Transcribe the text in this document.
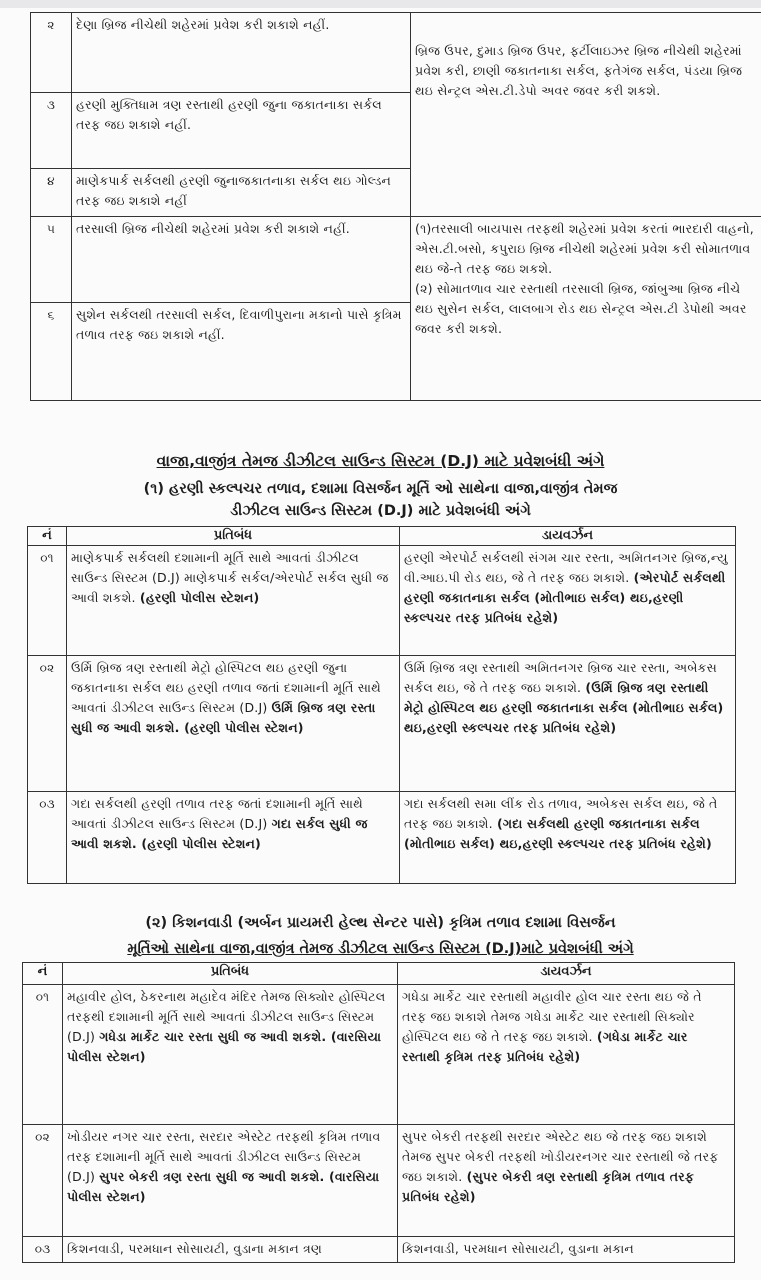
૨	દેણા બ્રિજ નીચેથી શહેરમાં પ્રવેશ કરી શકાશે નહીં.	બ્રિજ ઉપર, દુમાડ બ્રિજ ઉપર, ફર્ટીલાઇઝર બ્રિજ નીચેથી શહેરમાં પ્રવેશ કરી, છાણી જકાતનાકા સર્કલ, ફતેગંજ સર્કલ, પંડયા બ્રિજ થઇ સેન્ટ્રલ એસ.ટી.ડેપો અવર જવર કરી શકશે.
૩	હરણી મુક્તિધામ ત્રણ રસ્તાથી હરણી જુના જકાતનાકા સર્કલ તરફ જઇ શકાશે નહીં.	
૪	માણેકપાર્ક સર્કલથી હરણી જુનાજકાતનાકા સર્કલ થઇ ગોલ્ડન તરફ જઇ શકાશે નહીં	
૫	તરસાલી બ્રિજ નીચેથી શહેરમાં પ્રવેશ કરી શકાશે નહીં.	(૧)તરસાલી બાયપાસ તરફથી શહેરમાં પ્રવેશ કરતાં ભારદારી વાહનો, એસ.ટી.બસો, કપુરાઇ બ્રિજ નીચેથી શહેરમાં પ્રવેશ કરી સોમાતળાવ થઇ જે-તે તરફ જઇ શકશે.
(૨) સોમાતળાવ ચાર રસ્તાથી તરસાલી બ્રિજ, જાંબુઆ બ્રિજ નીચે થઇ સુસેન સર્કલ, લાલબાગ રોડ થઇ સેન્ટ્રલ એસ.ટી ડેપોથી અવર જવર કરી શકશે.

૬	સુશેન સર્કલથી તરસાલી સર્કલ, દિવાળીપુરાના મકાનો પાસે કૃત્રિમ તળાવ તરફ જઇ શકાશે નહીં.	
વાજા,વાજીંત્ર તેમજ ડીઝીટલ સાઉન્ડ સિસ્ટમ (D.J) માટે પ્રવેશબંધી અંગે
(૧) હરણી સ્કલ્પચર તળાવ, દશામા વિસર્જન મૂર્તિ ઓ સાથેના વાજા,વાજીંત્ર તેમજ
ડીઝીટલ સાઉન્ડ સિસ્ટમ (D.J) માટે પ્રવેશબંધી અંગે
નં	પ્રતિબંધ	ડાયવર્ઝન
૦૧	માણેકપાર્ક સર્કલથી દશામાની મૂર્તિ સાથે આવતાં ડીઝીટલ સાઉન્ડ સિસ્ટમ (D.J) માણેકપાર્ક સર્કલ/એરપોર્ટ સર્કલ સુધી જ આવી શકશે. (હરણી પોલીસ સ્ટેશન)	હરણી એરપોર્ટ સર્કલથી સંગમ ચાર રસ્તા, અમિતનગર બ્રિજ,ન્યુ વી.આઇ.પી રોડ થઇ, જે તે તરફ જઇ શકાશે. (એરપોર્ટ સર્કલથી હરણી જકાતનાકા સર્કલ (મોતીભાઇ સર્કલ) થઇ,હરણી સ્કલ્પચર તરફ પ્રતિબંધ રહેશે)
૦૨	ઉર્મિ બ્રિજ ત્રણ રસ્તાથી મેટ્રો હોસ્પિટલ થઇ હરણી જુના જકાતનાકા સર્કલ થઇ હરણી તળાવ જતાં દશામાની મૂર્તિ સાથે આવતાં ડીઝીટલ સાઉન્ડ સિસ્ટમ (D.J) ઉર્મિ બ્રિજ ત્રણ રસ્તા સુધી જ આવી શકશે. (હરણી પોલીસ સ્ટેશન)	ઉર્મિ બ્રિજ ત્રણ રસ્તાથી અમિતનગર બ્રિજ ચાર રસ્તા, અબેકસ સર્કલ થઇ, જે તે તરફ જઇ શકાશે. (ઉર્મિ બ્રિજ ત્રણ રસ્તાથી મેટ્રો હોસ્પિટલ થઇ હરણી જકાતનાકા સર્કલ (મોતીભાઇ સર્કલ) થઇ,હરણી સ્કલ્પચર તરફ પ્રતિબંધ રહેશે)
૦૩	ગદા સર્કલથી હરણી તળાવ તરફ જતાં દશામાની મૂર્તિ સાથે આવતાં ડીઝીટલ સાઉન્ડ સિસ્ટમ (D.J) ગદા સર્કલ સુધી જ આવી શકશે. (હરણી પોલીસ સ્ટેશન)	ગદા સર્કલથી સમા લીંક રોડ તળાવ, અબેકસ સર્કલ થઇ, જે તે તરફ જઇ શકાશે. (ગદા સર્કલથી હરણી જકાતનાકા સર્કલ (મોતીભાઇ સર્કલ) થઇ,હરણી સ્કલ્પચર તરફ પ્રતિબંધ રહેશે)
(૨) કિશનવાડી (અર્બન પ્રાયમરી હેલ્થ સેન્ટર પાસે) કૃત્રિમ તળાવ દશામા વિસર્જન
મૂર્તિઓ સાથેના વાજા,વાજીંત્ર તેમજ ડીઝીટલ સાઉન્ડ સિસ્ટમ (D.J)માટે પ્રવેશબંધી અંગે
નં	પ્રતિબંધ	ડાયવર્ઝન
૦૧	મહાવીર હોલ, ઠેકરનાથ મહાદેવ મંદિર તેમજ સિક્યોર હોસ્પિટલ તરફથી દશામાની મૂર્તિ સાથે આવતાં ડીઝીટલ સાઉન્ડ સિસ્ટમ (D.J) ગધેડા માર્કેટ ચાર રસ્તા સુધી જ આવી શકશે. (વારસિયા પોલીસ સ્ટેશન)	ગધેડા માર્કેટ ચાર રસ્તાથી મહાવીર હોલ ચાર રસ્તા થઇ જે તે તરફ જઇ શકાશે તેમજ ગધેડા માર્કેટ ચાર રસ્તાથી સિક્યોર હોસ્પિટલ થઇ જે તે તરફ જઇ શકાશે. (ગધેડા માર્કેટ ચાર રસ્તાથી કૃત્રિમ તરફ પ્રતિબંધ રહેશે)
૦૨	ખોડીયર નગર ચાર રસ્તા, સરદાર એસ્ટેટ તરફથી કૃત્રિમ તળાવ તરફ દશામાની મૂર્તિ સાથે આવતાં ડીઝીટલ સાઉન્ડ સિસ્ટમ (D.J) સુપર બેકરી ત્રણ રસ્તા સુધી જ આવી શકશે. (વારસિયા પોલીસ સ્ટેશન)	સુપર બેકરી તરફથી સરદાર એસ્ટેટ થઇ જે તરફ જઇ શકાશે તેમજ સુપર બેકરી તરફથી ખોડીયરનગર ચાર રસ્તાથી જે તરફ જઇ શકાશે. (સુપર બેકરી ત્રણ રસ્તાથી કૃત્રિમ તળાવ તરફ પ્રતિબંધ રહેશે)
૦૩	કિશનવાડી, પરમધાન સોસાયટી, વુડાના મકાન ત્રણ	કિશનવાડી, પરમધાન સોસાયટી, વુડાના મકાન
